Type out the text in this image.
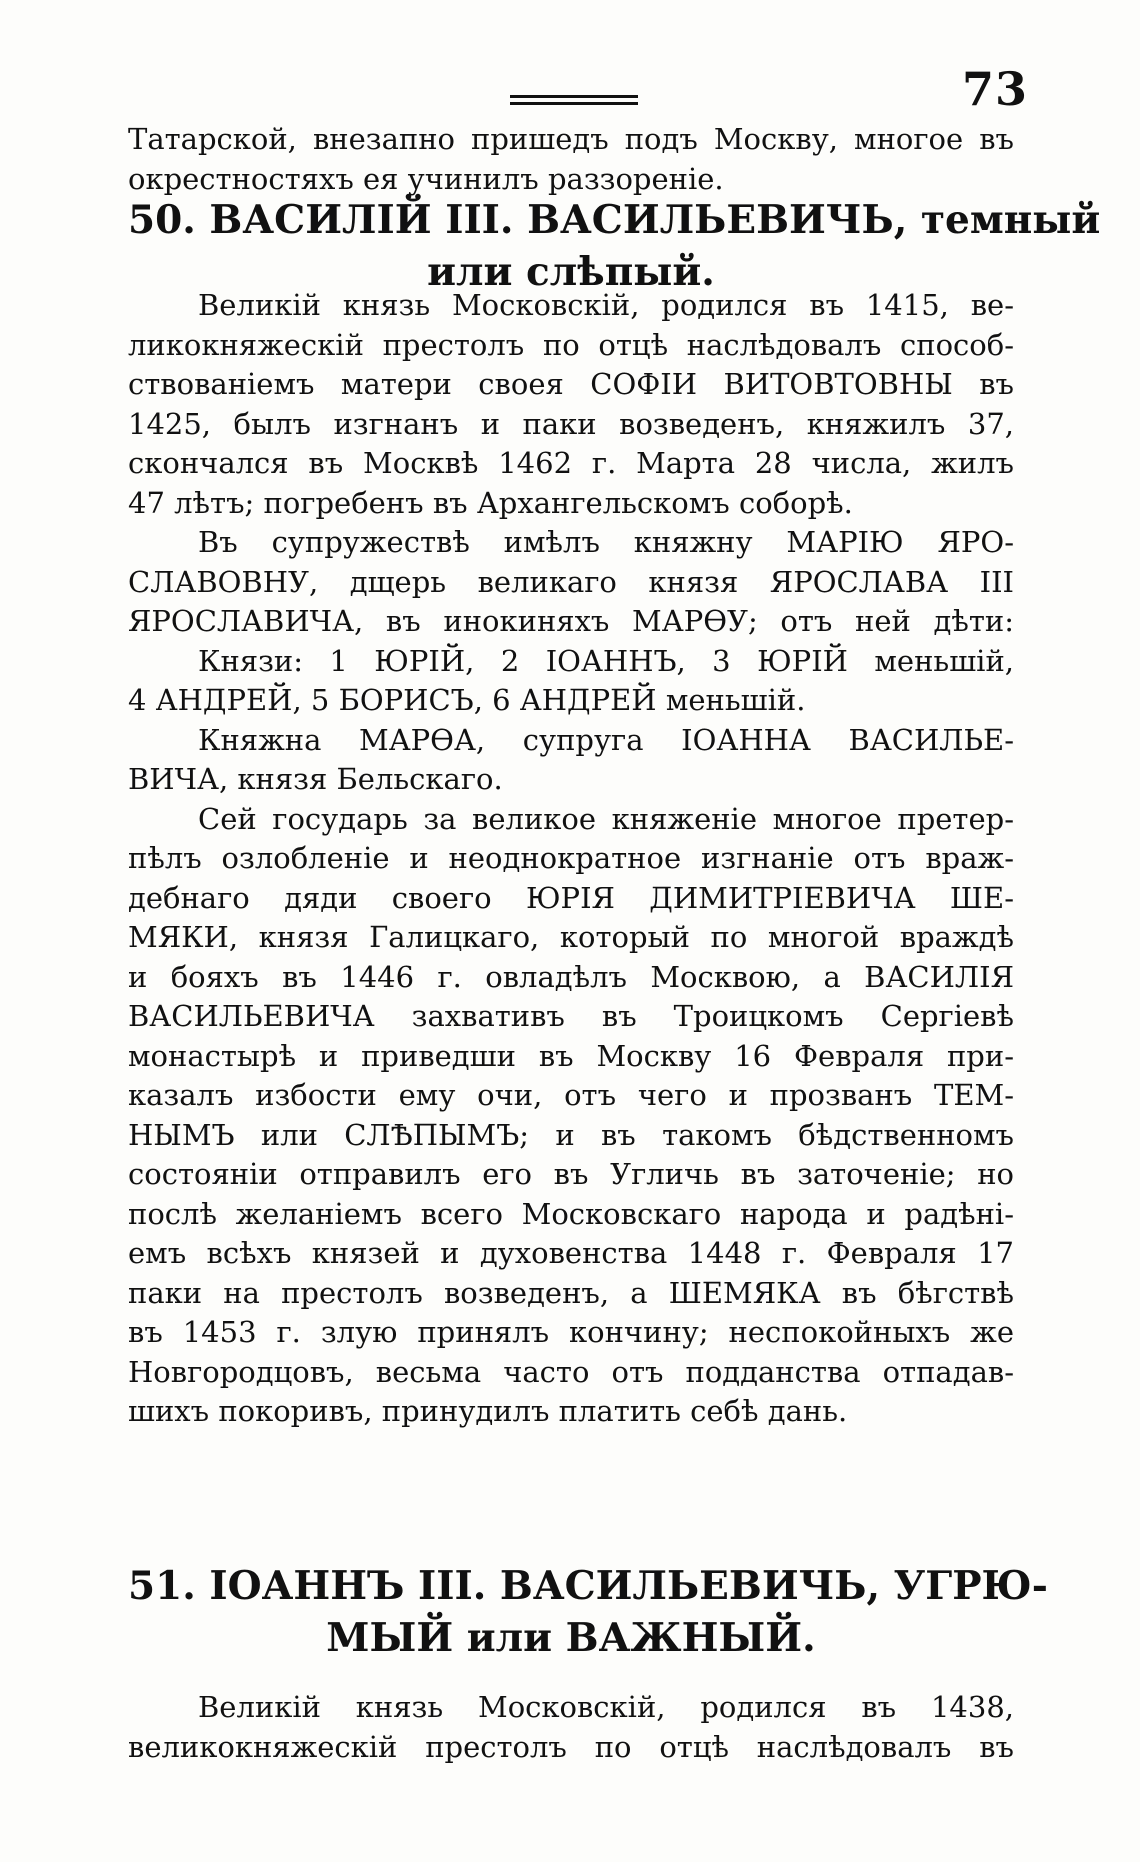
73
Татарской, внезапно пришедъ подъ Москву, многое въ
окрестностяхъ ея учинилъ раззоренiе.
50. ВАСИЛIЙ III. ВАСИЛЬЕВИЧЬ, темный
или слѣпый.
Великiй князь Московскiй, родился въ 1415, ве-
ликокняжескiй престолъ по отцѣ наслѣдовалъ способ-
ствованiемъ матери своея СОФIИ ВИТОВТОВНЫ въ
1425, былъ изгнанъ и паки возведенъ, княжилъ 37,
скончался въ Москвѣ 1462 г. Марта 28 числа, жилъ
47 лѣтъ; погребенъ въ Архангельскомъ соборѣ.
Въ супружествѣ имѣлъ княжну МАРIЮ ЯРО-
СЛАВОВНУ, дщерь великаго князя ЯРОСЛАВА III
ЯРОСЛАВИЧА, въ инокиняхъ МАРѲУ; отъ ней дѣти:
Князи: 1 ЮРIЙ, 2 IОАННЪ, 3 ЮРIЙ меньшiй,
4 АНДРЕЙ, 5 БОРИСЪ, 6 АНДРЕЙ меньшiй.
Княжна МАРѲА, супруга IОАННА ВАСИЛЬЕ-
ВИЧА, князя Бельскаго.
Сей государь за великое княженiе многое претер-
пѣлъ озлобленiе и неоднократное изгнанiе отъ враж-
дебнаго дяди своего ЮРIЯ ДИМИТРIЕВИЧА ШЕ-
МЯКИ, князя Галицкаго, который по многой враждѣ
и бояхъ въ 1446 г. овладѣлъ Москвою, а ВАСИЛIЯ
ВАСИЛЬЕВИЧА захвативъ въ Троицкомъ Сергiевѣ
монастырѣ и приведши въ Москву 16 Февраля при-
казалъ избости ему очи, отъ чего и прозванъ ТЕМ-
НЫМЪ или СЛѢПЫМЪ; и въ такомъ бѣдственномъ
состоянiи отправилъ его въ Угличь въ заточенiе; но
послѣ желанiемъ всего Московскаго народа и радѣнi-
емъ всѣхъ князей и духовенства 1448 г. Февраля 17
паки на престолъ возведенъ, а ШЕМЯКА въ бѣгствѣ
въ 1453 г. злую принялъ кончину; неспокойныхъ же
Новгородцовъ, весьма часто отъ подданства отпадав-
шихъ покоривъ, принудилъ платить себѣ дань.
51. IОАННЪ III. ВАСИЛЬЕВИЧЬ, УГРЮ-
МЫЙ или ВАЖНЫЙ.
Великiй князь Московскiй, родился въ 1438,
великокняжескiй престолъ по отцѣ наслѣдовалъ въ
